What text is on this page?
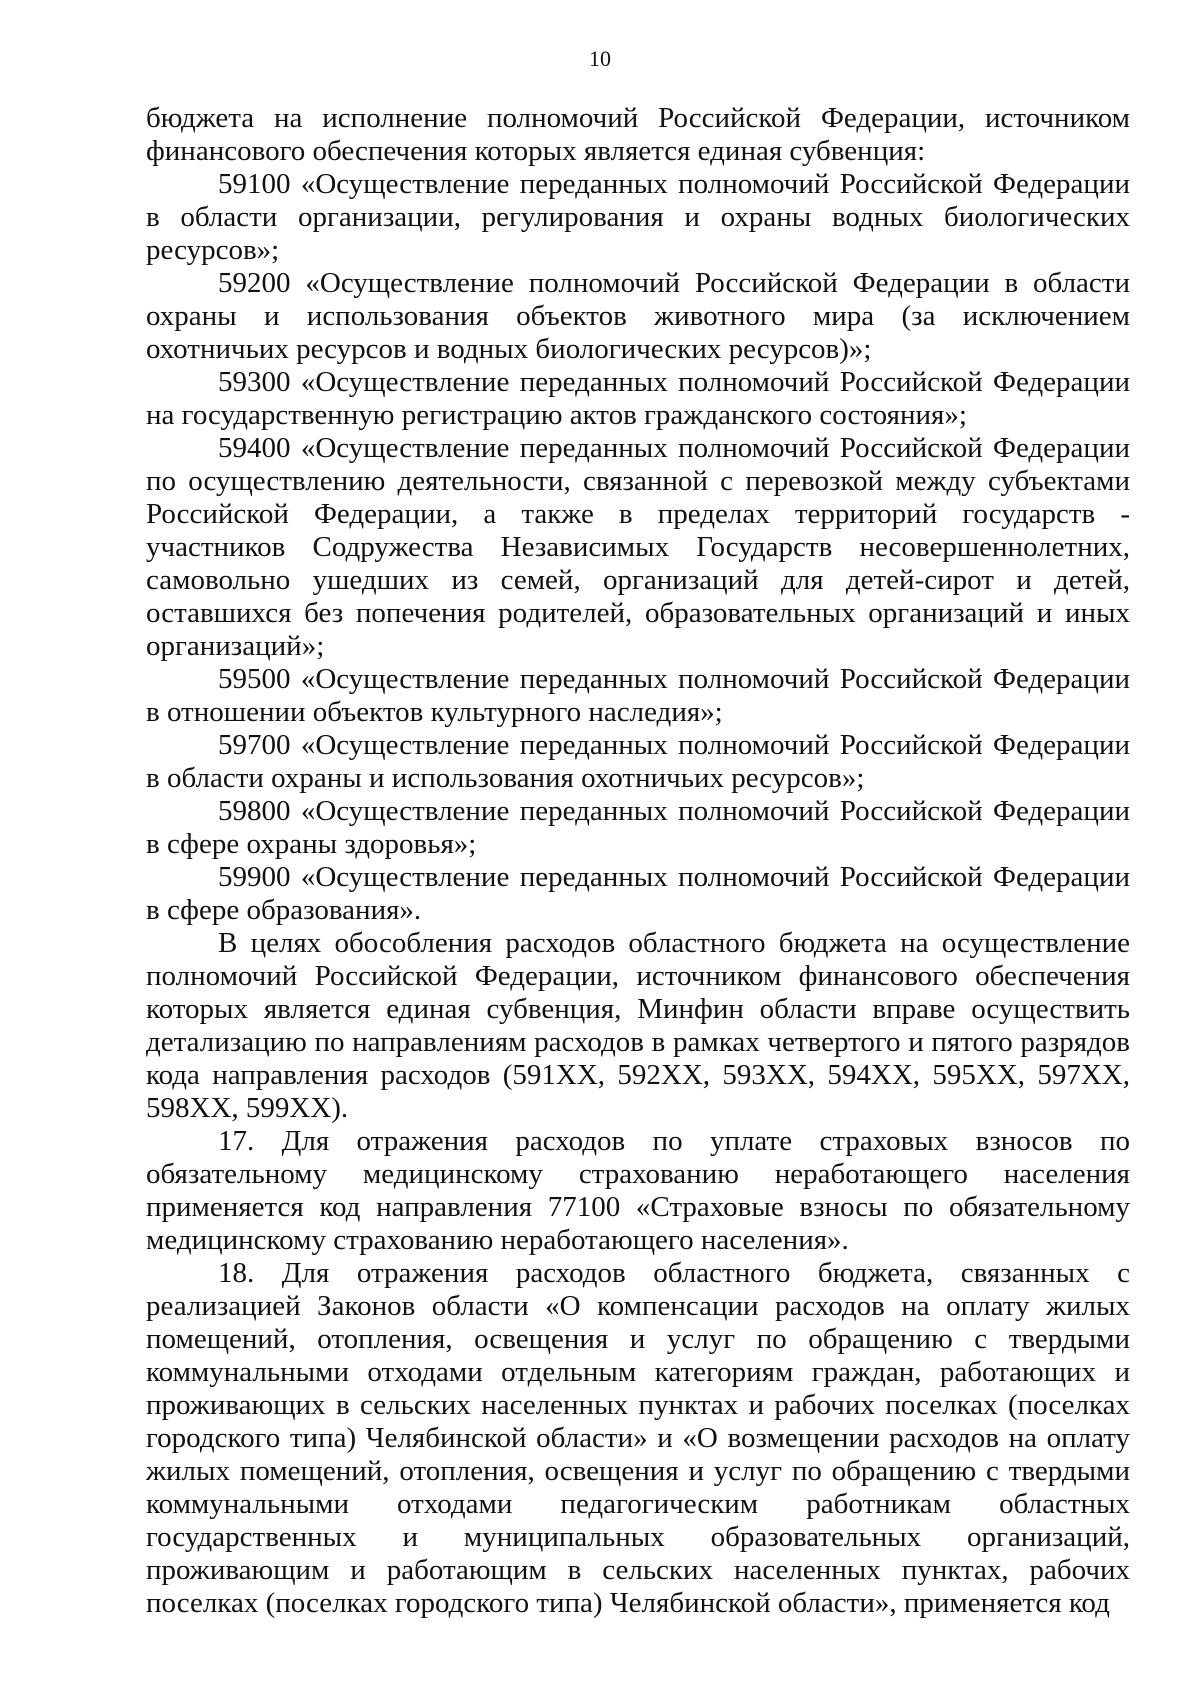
10

бюджета на исполнение полномочий Российской Федерации, источником финансового обеспечения которых является единая субвенция:

59100 «Осуществление переданных полномочий Российской Федерации в области организации, регулирования и охраны водных биологических ресурсов»;

59200 «Осуществление полномочий Российской Федерации в области охраны и использования объектов животного мира (за исключением охотничьих ресурсов и водных биологических ресурсов)»;

59300 «Осуществление переданных полномочий Российской Федерации на государственную регистрацию актов гражданского состояния»;

59400 «Осуществление переданных полномочий Российской Федерации по осуществлению деятельности, связанной с перевозкой между субъектами Российской Федерации, а также в пределах территорий государств - участников Содружества Независимых Государств несовершеннолетних, самовольно ушедших из семей, организаций для детей-сирот и детей, оставшихся без попечения родителей, образовательных организаций и иных организаций»;

59500 «Осуществление переданных полномочий Российской Федерации в отношении объектов культурного наследия»;

59700 «Осуществление переданных полномочий Российской Федерации в области охраны и использования охотничьих ресурсов»;

59800 «Осуществление переданных полномочий Российской Федерации в сфере охраны здоровья»;

59900 «Осуществление переданных полномочий Российской Федерации в сфере образования».

В целях обособления расходов областного бюджета на осуществление полномочий Российской Федерации, источником финансового обеспечения которых является единая субвенция, Минфин области вправе осуществить детализацию по направлениям расходов в рамках четвертого и пятого разрядов кода направления расходов (591XX, 592XX, 593XX, 594XX, 595XX, 597XX, 598XX, 599XX).

17. Для отражения расходов по уплате страховых взносов по обязательному медицинскому страхованию неработающего населения применяется код направления 77100 «Страховые взносы по обязательному медицинскому страхованию неработающего населения».

18. Для отражения расходов областного бюджета, связанных с реализацией Законов области «О компенсации расходов на оплату жилых помещений, отопления, освещения и услуг по обращению с твердыми коммунальными отходами отдельным категориям граждан, работающих и проживающих в сельских населенных пунктах и рабочих поселках (поселках городского типа) Челябинской области» и «О возмещении расходов на оплату жилых помещений, отопления, освещения и услуг по обращению с твердыми коммунальными отходами педагогическим работникам областных государственных и муниципальных образовательных организаций, проживающим и работающим в сельских населенных пунктах, рабочих поселках (поселках городского типа) Челябинской области», применяется код
